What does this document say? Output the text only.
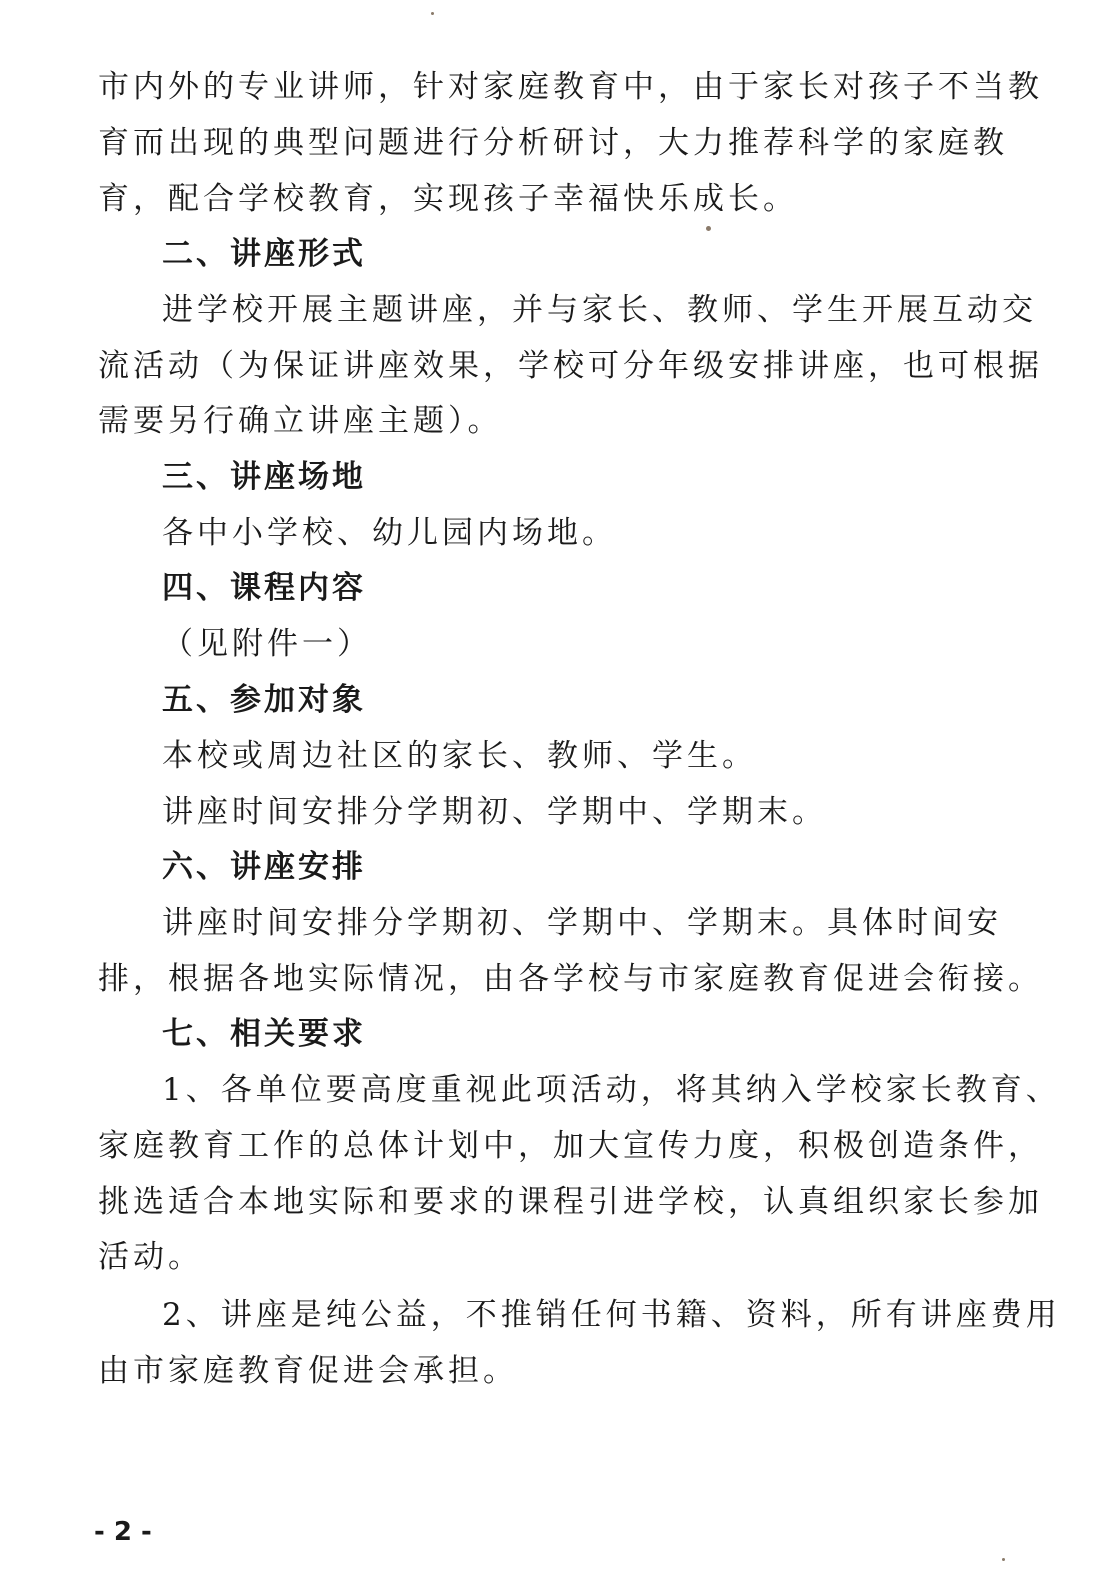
市内外的专业讲师，针对家庭教育中，由于家长对孩子不当教
育而出现的典型问题进行分析研讨，大力推荐科学的家庭教
育，配合学校教育，实现孩子幸福快乐成长。
二、讲座形式
进学校开展主题讲座，并与家长、教师、学生开展互动交
流活动（为保证讲座效果，学校可分年级安排讲座，也可根据
需要另行确立讲座主题）。
三、讲座场地
各中小学校、幼儿园内场地。
四、课程内容
（见附件一）
五、参加对象
本校或周边社区的家长、教师、学生。
讲座时间安排分学期初、学期中、学期末。
六、讲座安排
讲座时间安排分学期初、学期中、学期末。具体时间安
排，根据各地实际情况，由各学校与市家庭教育促进会衔接。
七、相关要求
1、各单位要高度重视此项活动，将其纳入学校家长教育、
家庭教育工作的总体计划中，加大宣传力度，积极创造条件，
挑选适合本地实际和要求的课程引进学校，认真组织家长参加
活动。
2、讲座是纯公益，不推销任何书籍、资料，所有讲座费用
由市家庭教育促进会承担。
- 2 -
